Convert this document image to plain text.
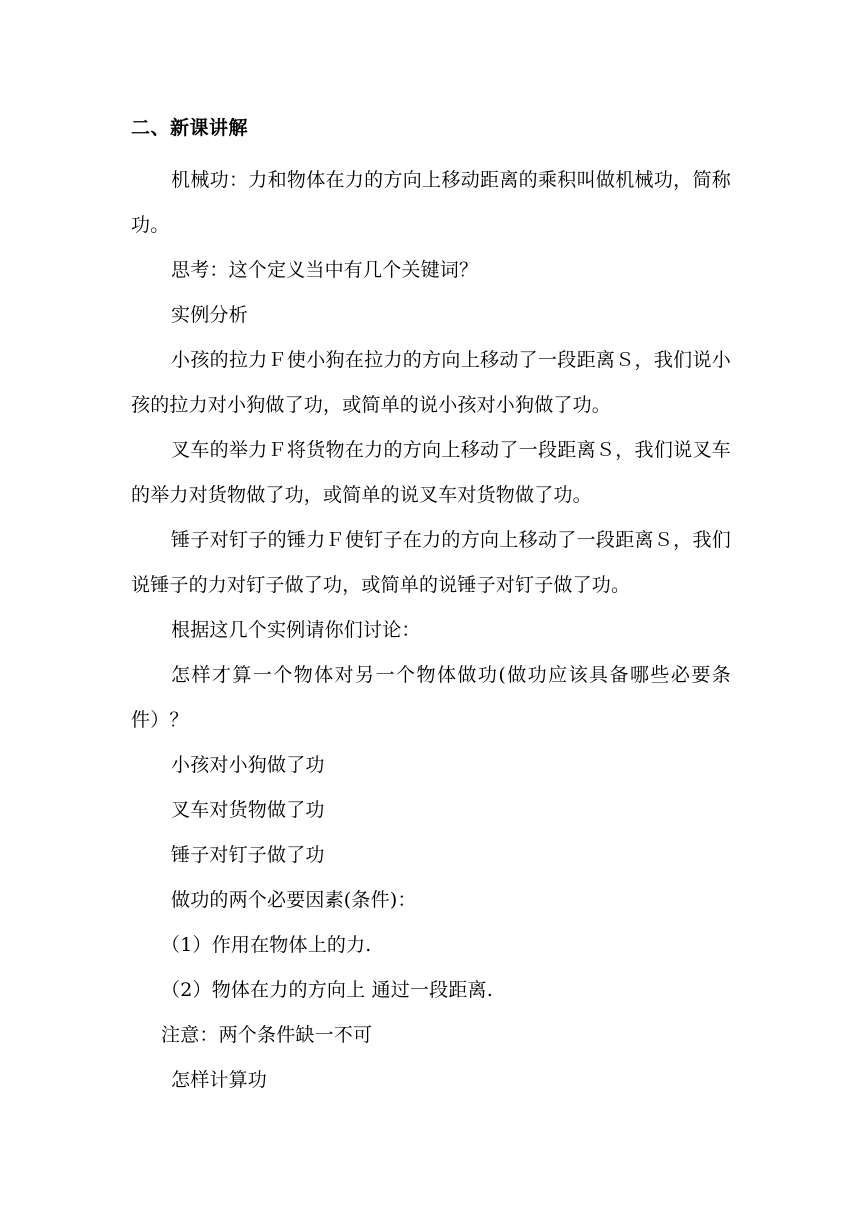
二、新课讲解

机械功：力和物体在力的方向上移动距离的乘积叫做机械功，简称功。

思考：这个定义当中有几个关键词？

实例分析

小孩的拉力Ｆ使小狗在拉力的方向上移动了一段距离Ｓ，我们说小孩的拉力对小狗做了功，或简单的说小孩对小狗做了功。

叉车的举力Ｆ将货物在力的方向上移动了一段距离Ｓ，我们说叉车的举力对货物做了功，或简单的说叉车对货物做了功。

锤子对钉子的锤力Ｆ使钉子在力的方向上移动了一段距离Ｓ，我们说锤子的力对钉子做了功，或简单的说锤子对钉子做了功。

根据这几个实例请你们讨论：

怎样才算一个物体对另一个物体做功(做功应该具备哪些必要条件）？

小孩对小狗做了功

叉车对货物做了功

锤子对钉子做了功

做功的两个必要因素(条件)：

（1）作用在物体上的力.

（2）物体在力的方向上 通过一段距离.

注意：两个条件缺一不可

怎样计算功
